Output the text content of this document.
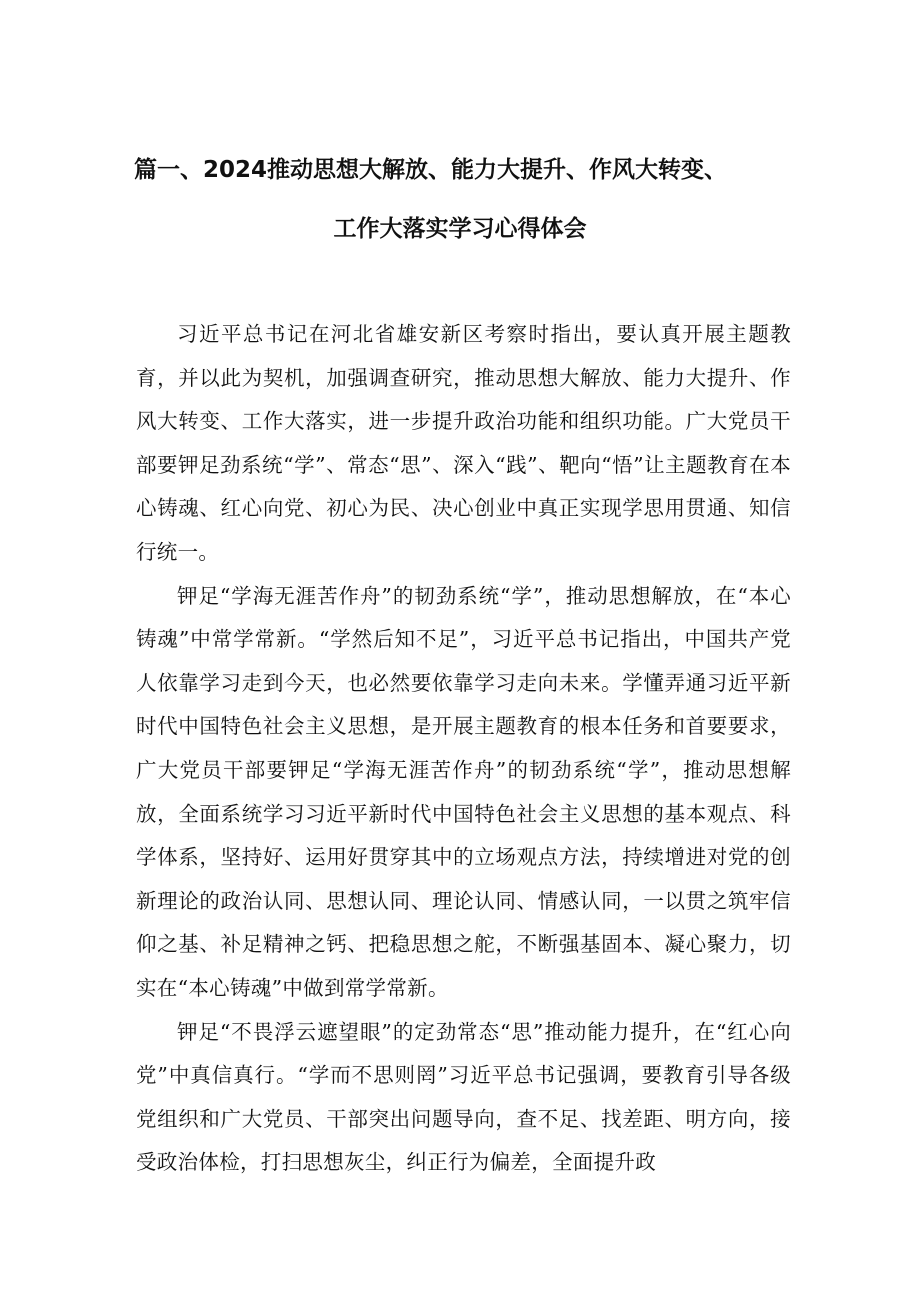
篇一、2024推动思想大解放、能力大提升、作风大转变、
工作大落实学习心得体会

习近平总书记在河北省雄安新区考察时指出，要认真开展主题教育，并以此为契机，加强调查研究，推动思想大解放、能力大提升、作风大转变、工作大落实，进一步提升政治功能和组织功能。广大党员干部要钾足劲系统“学”、常态“思”、深入“践”、靶向“悟”让主题教育在本心铸魂、红心向党、初心为民、决心创业中真正实现学思用贯通、知信行统一。

钾足“学海无涯苦作舟”的韧劲系统“学”，推动思想解放，在“本心铸魂”中常学常新。“学然后知不足”，习近平总书记指出，中国共产党人依靠学习走到今天，也必然要依靠学习走向未来。学懂弄通习近平新时代中国特色社会主义思想，是开展主题教育的根本任务和首要要求，广大党员干部要钾足“学海无涯苦作舟”的韧劲系统“学”，推动思想解放，全面系统学习习近平新时代中国特色社会主义思想的基本观点、科学体系，坚持好、运用好贯穿其中的立场观点方法，持续增进对党的创新理论的政治认同、思想认同、理论认同、情感认同，一以贯之筑牢信仰之基、补足精神之钙、把稳思想之舵，不断强基固本、凝心聚力，切实在“本心铸魂”中做到常学常新。

钾足“不畏浮云遮望眼”的定劲常态“思”推动能力提升，在“红心向党”中真信真行。“学而不思则罔”习近平总书记强调，要教育引导各级党组织和广大党员、干部突出问题导向，查不足、找差距、明方向，接受政治体检，打扫思想灰尘，纠正行为偏差，全面提升政
